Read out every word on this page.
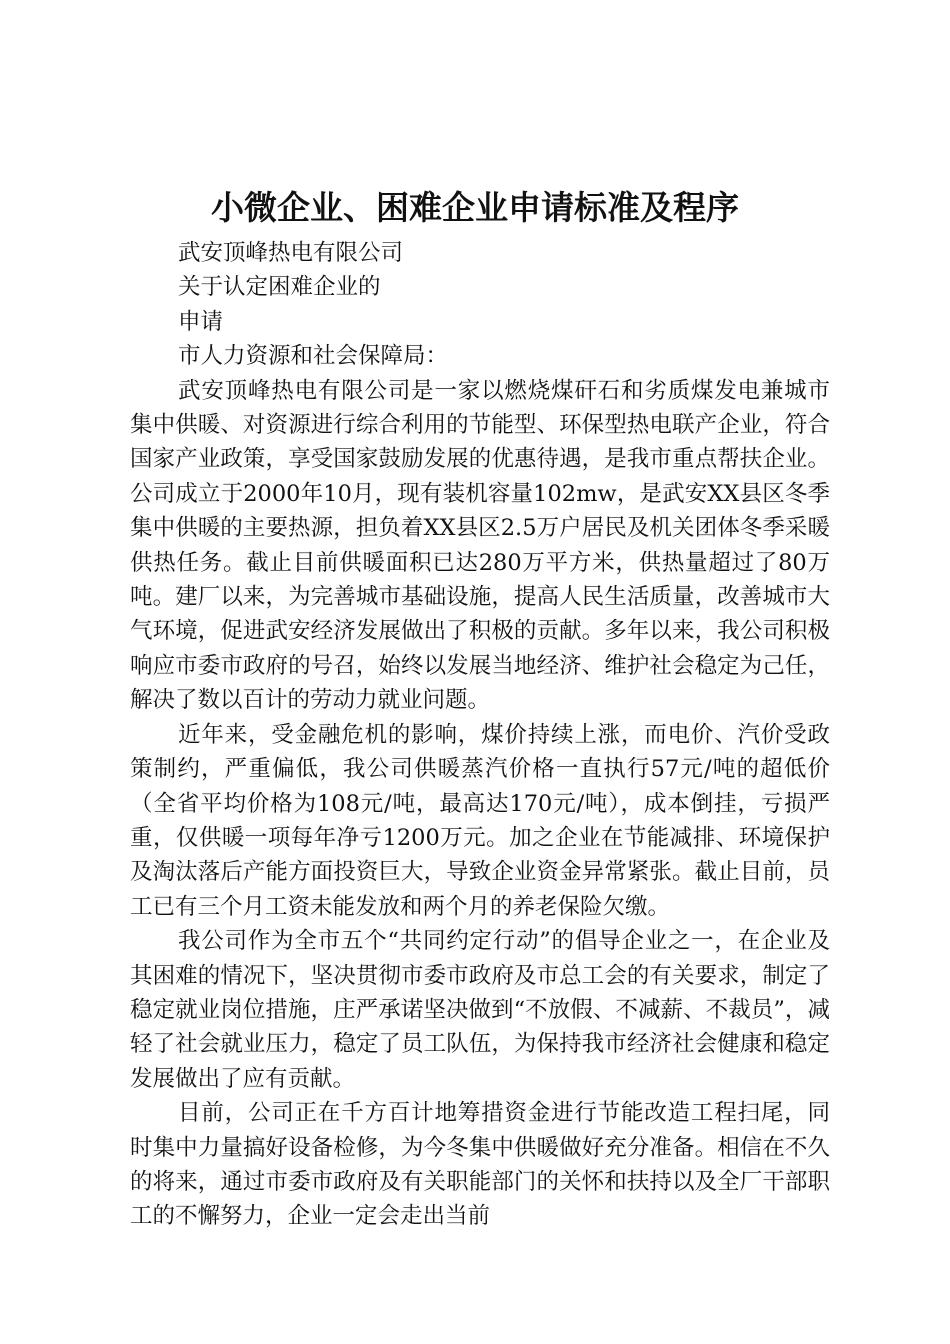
小微企业、困难企业申请标准及程序

武安顶峰热电有限公司

关于认定困难企业的

申请

市人力资源和社会保障局：

武安顶峰热电有限公司是一家以燃烧煤矸石和劣质煤发电兼城市集中供暖、对资源进行综合利用的节能型、环保型热电联产企业，符合国家产业政策，享受国家鼓励发展的优惠待遇，是我市重点帮扶企业。公司成立于2000年10月，现有装机容量102mw，是武安XX县区冬季集中供暖的主要热源，担负着XX县区2.5万户居民及机关团体冬季采暖供热任务。截止目前供暖面积已达280万平方米，供热量超过了80万吨。建厂以来，为完善城市基础设施，提高人民生活质量，改善城市大气环境，促进武安经济发展做出了积极的贡献。多年以来，我公司积极响应市委市政府的号召，始终以发展当地经济、维护社会稳定为己任，解决了数以百计的劳动力就业问题。

近年来，受金融危机的影响，煤价持续上涨，而电价、汽价受政策制约，严重偏低，我公司供暖蒸汽价格一直执行57元/吨的超低价（全省平均价格为108元/吨，最高达170元/吨），成本倒挂，亏损严重，仅供暖一项每年净亏1200万元。加之企业在节能减排、环境保护及淘汰落后产能方面投资巨大，导致企业资金异常紧张。截止目前，员工已有三个月工资未能发放和两个月的养老保险欠缴。

我公司作为全市五个“共同约定行动”的倡导企业之一，在企业及其困难的情况下，坚决贯彻市委市政府及市总工会的有关要求，制定了稳定就业岗位措施，庄严承诺坚决做到“不放假、不减薪、不裁员”，减轻了社会就业压力，稳定了员工队伍，为保持我市经济社会健康和稳定发展做出了应有贡献。

目前，公司正在千方百计地筹措资金进行节能改造工程扫尾，同时集中力量搞好设备检修，为今冬集中供暖做好充分准备。相信在不久的将来，通过市委市政府及有关职能部门的关怀和扶持以及全厂干部职工的不懈努力，企业一定会走出当前
